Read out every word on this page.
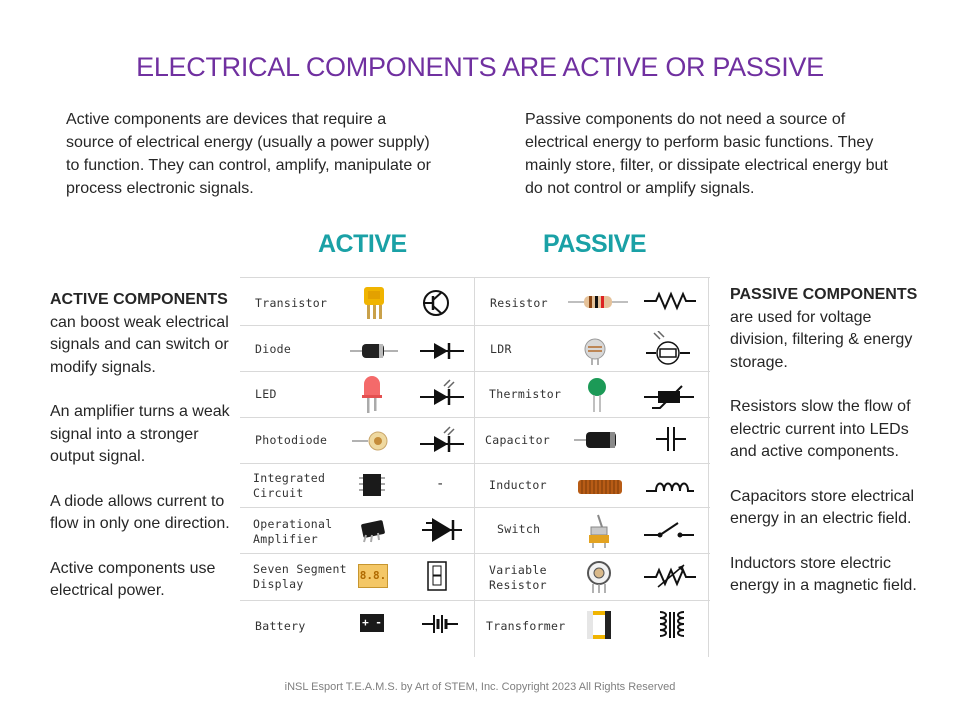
ELECTRICAL COMPONENTS ARE ACTIVE OR PASSIVE
Active components are devices that require a source of electrical energy (usually a power supply) to function. They can control, amplify, manipulate or process electronic signals.
Passive components do not need a source of electrical energy to perform basic functions. They mainly store, filter, or dissipate electrical energy but do not control or amplify signals.
ACTIVE	PASSIVE

ACTIVE COMPONENTS
can boost weak electrical signals and can switch or modify signals.

An amplifier turns a weak signal into a stronger output signal.

A diode allows current to flow in only one direction.

Active components use electrical power.

PASSIVE COMPONENTS
are used for voltage division, filtering & energy storage.

Resistors slow the flow of electric current into LEDs and active components.

Capacitors store electrical energy in an electric field.

Inductors store electric energy in a magnetic field.

Transistor
Diode
LED
Photodiode
Integrated
Circuit
Operational
Amplifier
Seven Segment
Display
Battery
Resistor
LDR
Thermistor
Capacitor
Inductor
Switch
Variable
Resistor
Transformer
-
8.8.
+ -
iNSL Esport T.E.A.M.S. by Art of STEM, Inc. Copyright 2023 All Rights Reserved
